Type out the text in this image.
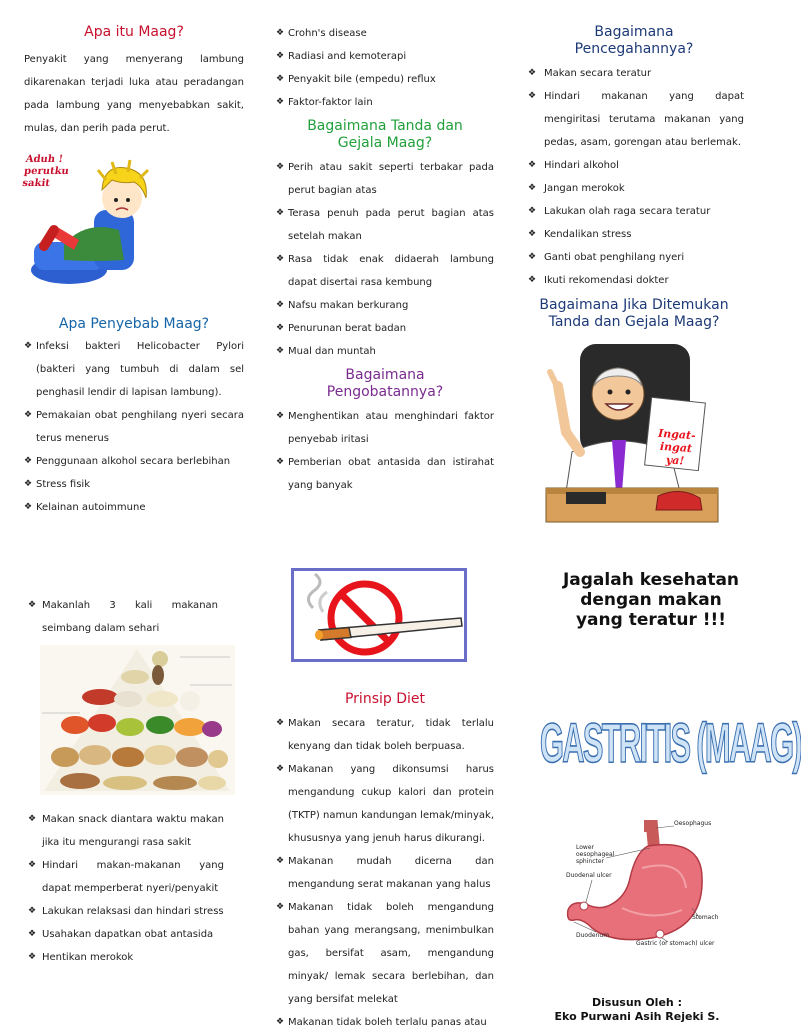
Apa itu Maag?

Penyakit yang menyerang lambung dikarenakan terjadi luka atau peradangan pada lambung yang menyebabkan sakit, mulas, dan perih pada perut.

Aduh ! perutku sakit
Apa Penyebab Maag?
❖ Infeksi bakteri Helicobacter Pylori (bakteri yang tumbuh di dalam sel penghasil lendir di lapisan lambung).
❖ Pemakaian obat penghilang nyeri secara terus menerus
❖ Penggunaan alkohol secara berlebihan
❖ Stress fisik
❖ Kelainan autoimmune
❖ Makanlah 3 kali makanan seimbang dalam sehari
❖ Makan snack diantara waktu makan jika itu mengurangi rasa sakit
❖ Hindari makan-makanan yang dapat memperberat nyeri/penyakit
❖ Lakukan relaksasi dan hindari stress
❖ Usahakan dapatkan obat antasida
❖ Hentikan merokok
❖ Crohn's disease
❖ Radiasi and kemoterapi
❖ Penyakit bile (empedu) reflux
❖ Faktor-faktor lain
Bagaimana Tanda dan Gejala Maag?
❖ Perih atau sakit seperti terbakar pada perut bagian atas
❖ Terasa penuh pada perut bagian atas setelah makan
❖ Rasa tidak enak didaerah lambung dapat disertai rasa kembung
❖ Nafsu makan berkurang
❖ Penurunan berat badan
❖ Mual dan muntah
Bagaimana Pengobatannya?
❖ Menghentikan atau menghindari faktor penyebab iritasi
❖ Pemberian obat antasida dan istirahat yang banyak
Prinsip Diet
❖ Makan secara teratur, tidak terlalu kenyang dan tidak boleh berpuasa.
❖ Makanan yang dikonsumsi harus mengandung cukup kalori dan protein (TKTP) namun kandungan lemak/minyak, khususnya yang jenuh harus dikurangi.
❖ Makanan mudah dicerna dan mengandung serat makanan yang halus
❖ Makanan tidak boleh mengandung bahan yang merangsang, menimbulkan gas, bersifat asam, mengandung minyak/ lemak secara berlebihan, dan yang bersifat melekat
❖ Makanan tidak boleh terlalu panas atau
Bagaimana Pencegahannya?
❖ Makan secara teratur
❖ Hindari makanan yang dapat mengiritasi terutama makanan yang pedas, asam, gorengan atau berlemak.
❖ Hindari alkohol
❖ Jangan merokok
❖ Lakukan olah raga secara teratur
❖ Kendalikan stress
❖ Ganti obat penghilang nyeri
❖ Ikuti rekomendasi dokter
Bagaimana Jika Ditemukan Tanda dan Gejala Maag?
Ingat- ingat ya!
Jagalah kesehatan dengan makan yang teratur !!!
GASTRITIS (MAAG)
Oesophagus
Lower oesophageal sphincter
Duodenal ulcer
Duodenum
Stomach
Gastric (or stomach) ulcer
Disusun Oleh :
Eko Purwani Asih Rejeki S.
